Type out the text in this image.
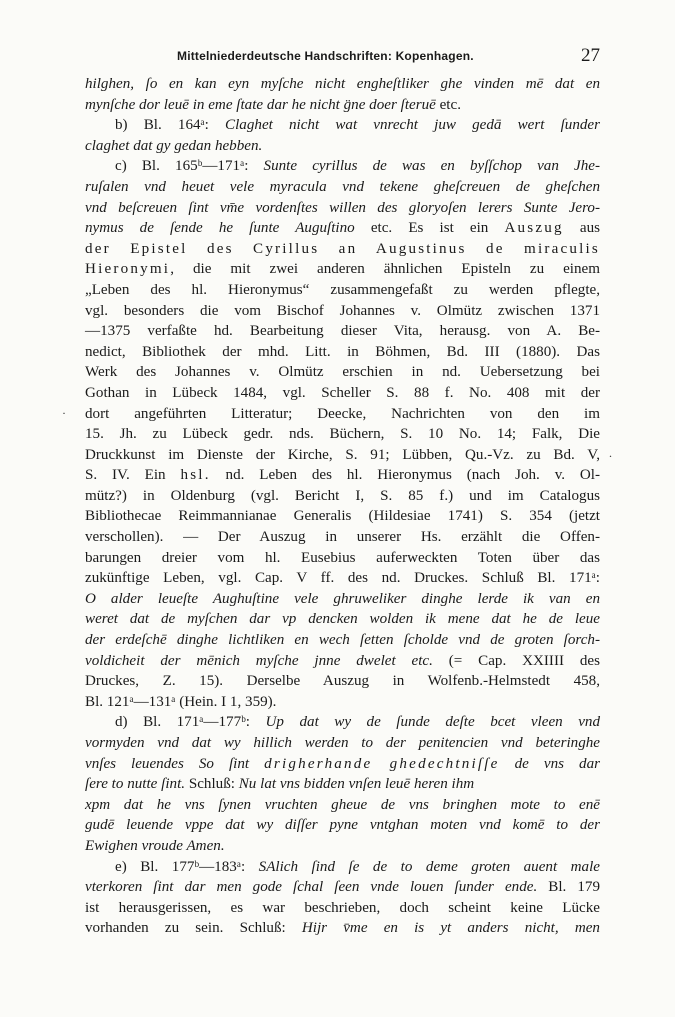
Mittelniederdeutsche Handschriften: Kopenhagen.	27
hilghen, ſo en kan eyn myſche nicht engheſtliker ghe vinden mē dat en
mynſche dor leuē in eme ſtate dar he nicht g̈ne doer ſteruē etc.
b) Bl. 164ᵃ: Claghet nicht wat vnrecht juw gedā wert ſunder
claghet dat gy gedan hebben.
c) Bl. 165ᵇ—171ᵃ: Sunte cyrillus de was en byſſchop van Jhe-
ruſalen vnd heuet vele myracula vnd tekene gheſcreuen de gheſchen
vnd beſcreuen ſint vm̄e vordenſtes willen des gloryoſen lerers Sunte Jero-
nymus de ſende he ſunte Auguſtino etc. Es ist ein Auszug aus
der Epistel des Cyrillus an Augustinus de miraculis
Hieronymi, die mit zwei anderen ähnlichen Episteln zu einem
„Leben des hl. Hieronymus“ zusammengefaßt zu werden pflegte,
vgl. besonders die vom Bischof Johannes v. Olmütz zwischen 1371
—1375 verfaßte hd. Bearbeitung dieser Vita, herausg. von A. Be-
nedict, Bibliothek der mhd. Litt. in Böhmen, Bd. III (1880). Das
Werk des Johannes v. Olmütz erschien in nd. Uebersetzung bei
Gothan in Lübeck 1484, vgl. Scheller S. 88 f. No. 408 mit der
dort angeführten Litteratur; Deecke, Nachrichten von den im
15. Jh. zu Lübeck gedr. nds. Büchern, S. 10 No. 14; Falk, Die
Druckkunst im Dienste der Kirche, S. 91; Lübben, Qu.-Vz. zu Bd. V,
S. IV. Ein hsl. nd. Leben des hl. Hieronymus (nach Joh. v. Ol-
mütz?) in Oldenburg (vgl. Bericht I, S. 85 f.) und im Catalogus
Bibliothecae Reimmannianae Generalis (Hildesiae 1741) S. 354 (jetzt
verschollen). — Der Auszug in unserer Hs. erzählt die Offen-
barungen dreier vom hl. Eusebius auferweckten Toten über das
zukünftige Leben, vgl. Cap. V ff. des nd. Druckes. Schluß Bl. 171ᵃ:
O alder leueſte Aughuſtine vele ghruweliker dinghe lerde ik van en
weret dat de myſchen dar vp dencken wolden ik mene dat he de leue
der erdeſchē dinghe lichtliken en wech ſetten ſcholde vnd de groten ſorch-
voldicheit der mēnich myſche jnne dwelet etc. (= Cap. XXIIII des
Druckes, Z. 15). Derselbe Auszug in Wolfenb.-Helmstedt 458,
Bl. 121ᵃ—131ᵃ (Hein. I 1, 359).
d) Bl. 171ᵃ—177ᵇ: Up dat wy de ſunde deſte bcet vleen vnd
vormyden vnd dat wy hillich werden to der penitencien vnd beteringhe
vnſes leuendes So ſint drigherhande ghedechtniſſe de vns dar
ſere to nutte ſint. Schluß: Nu lat vns bidden vnſen leuē heren ihm
xpm dat he vns ſynen vruchten gheue de vns bringhen mote to enē
gudē leuende vppe dat wy diſſer pyne vntghan moten vnd komē to der
Ewighen vroude Amen.
e) Bl. 177ᵇ—183ᵃ: SAlich ſind ſe de to deme groten auent male
vterkoren ſint dar men gode ſchal ſeen vnde louen ſunder ende. Bl. 179
ist herausgerissen, es war beschrieben, doch scheint keine Lücke
vorhanden zu sein. Schluß: Hijr v̄me en is yt anders nicht, men
·
.
